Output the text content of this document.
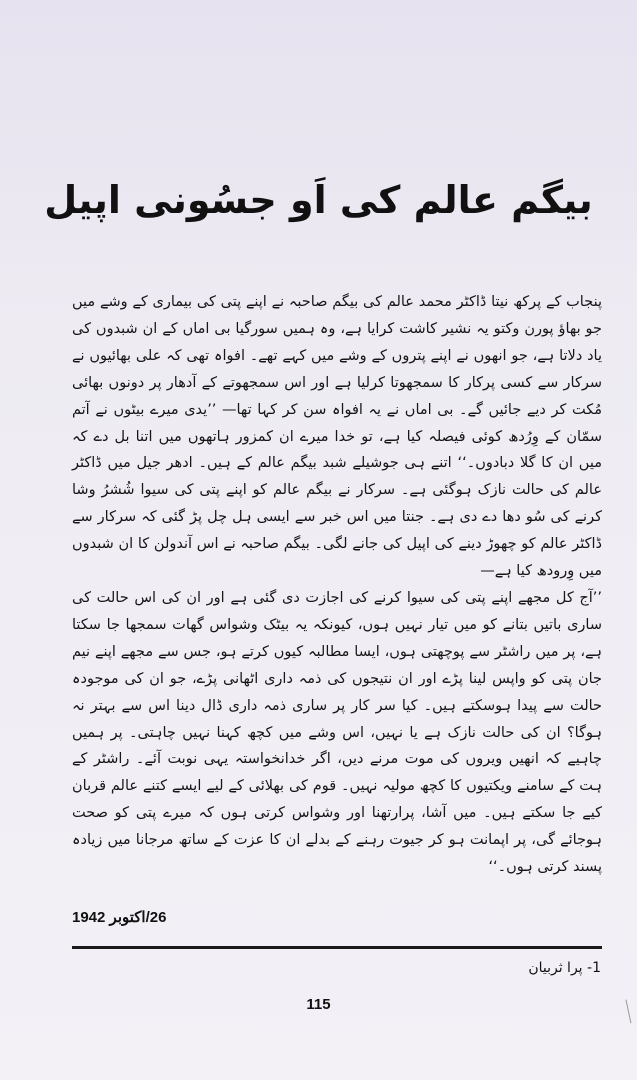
بیگم عالم کی اَو جسُونی اپیل

پنجاب کے پرکھ نیتا ڈاکٹر محمد عالم کی بیگم صاحبہ نے اپنے پتی کی بیماری کے وشے میں جو بھاؤ پورن وکتو یہ نشیر کاشت کرایا ہے، وہ ہمیں سورگیا بی اماں کے ان شبدوں کی یاد دلاتا ہے، جو انھوں نے اپنے پتروں کے وشے میں کہے تھے۔ افواہ تھی کہ علی بھائیوں نے سرکار سے کسی پرکار کا سمجھوتا کرلیا ہے اور اس سمجھوتے کے آدھار پر دونوں بھائی مُکت کر دیے جائیں گے۔ بی اماں نے یہ افواہ سن کر کہا تھا— ’’یدی میرے بیٹوں نے آتم سمّان کے وِرُدھ کوئی فیصلہ کیا ہے، تو خدا میرے ان کمزور ہاتھوں میں اتنا بل دے کہ میں ان کا گلا دبادوں۔‘‘ اتنے ہی جوشیلے شبد بیگم عالم کے ہیں۔ ادھر جیل میں ڈاکٹر عالم کی حالت نازک ہوگئی ہے۔ سرکار نے بیگم عالم کو اپنے پتی کی سیوا شُشرُ وشا کرنے کی سُو دھا دے دی ہے۔ جنتا میں اس خبر سے ایسی ہل چل پڑ گئی کہ سرکار سے ڈاکٹر عالم کو چھوڑ دینے کی اپیل کی جانے لگی۔ بیگم صاحبہ نے اس آندولن کا ان شبدوں میں وِرودھ کیا ہے—

’’آج کل مجھے اپنے پتی کی سیوا کرنے کی اجازت دی گئی ہے اور ان کی اس حالت کی ساری باتیں بتانے کو میں تیار نہیں ہوں، کیونکہ یہ بیٹک وشواس گھات سمجھا جا سکتا ہے، پر میں راشٹر سے پوچھتی ہوں، ایسا مطالبہ کیوں کرتے ہو، جس سے مجھے اپنے نیم جان پتی کو واپس لینا پڑے اور ان نتیجوں کی ذمہ داری اٹھانی پڑے، جو ان کی موجودہ حالت سے پیدا ہوسکتے ہیں۔ کیا سر کار پر ساری ذمہ داری ڈال دینا اس سے بہتر نہ ہوگا؟ ان کی حالت نازک ہے یا نہیں، اس وشے میں کچھ کہنا نہیں چاہتی۔ پر ہمیں چاہیے کہ انھیں ویروں کی موت مرنے دیں، اگر خدانخواستہ یہی نوبت آئے۔ راشٹر کے ہت کے سامنے ویکتیوں کا کچھ مولیہ نہیں۔ قوم کی بھلائی کے لیے ایسے کتنے عالم قربان کیے جا سکتے ہیں۔ میں آشا، پرارتھنا اور وشواس کرتی ہوں کہ میرے پتی کو صحت ہوجائے گی، پر اپمانت ہو کر جیوت رہنے کے بدلے ان کا عزت کے ساتھ مرجانا میں زیادہ پسند کرتی ہوں۔‘‘

26/اکتوبر 1942
1- پرا ثربیان
115
